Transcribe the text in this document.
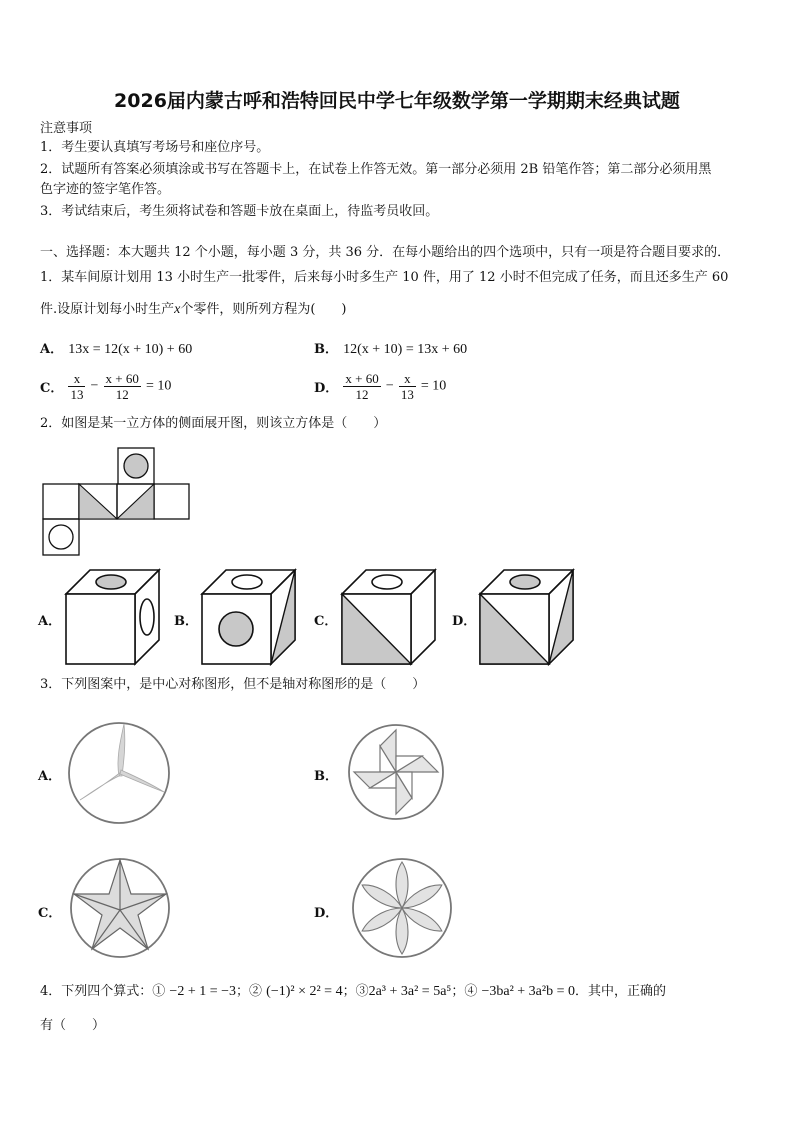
2026届内蒙古呼和浩特回民中学七年级数学第一学期期末经典试题
注意事项
1．考生要认真填写考场号和座位序号。
2．试题所有答案必须填涂或书写在答题卡上，在试卷上作答无效。第一部分必须用 2B 铅笔作答；第二部分必须用黑
色字迹的签字笔作答。
3．考试结束后，考生须将试卷和答题卡放在桌面上，待监考员收回。
一、选择题：本大题共 12 个小题，每小题 3 分，共 36 分．在每小题给出的四个选项中，只有一项是符合题目要求的．
1．某车间原计划用 13 小时生产一批零件，后来每小时多生产 10 件，用了 12 小时不但完成了任务，而且还多生产 60
件.设原计划每小时生产x个零件，则所列方程为(　　)
A． 13x = 12(x + 10) + 60	B． 12(x + 10) = 13x + 60
C． $\frac{x}{13} - \frac{x + 60}{12} = 10$	D． $\frac{x + 60}{12} - \frac{x}{13} = 10$
2．如图是某一立方体的侧面展开图，则该立方体是（　　）
A．	B．	C．	D．
3．下列图案中，是中心对称图形，但不是轴对称图形的是（　　）
A．	B．
C．	D．
4．下列四个算式：① −2 + 1 = −3；② (−1)² × 2² = 4；③2a³ + 3a² = 5a⁵；④ −3ba² + 3a²b = 0．其中，正确的
有（　　）
